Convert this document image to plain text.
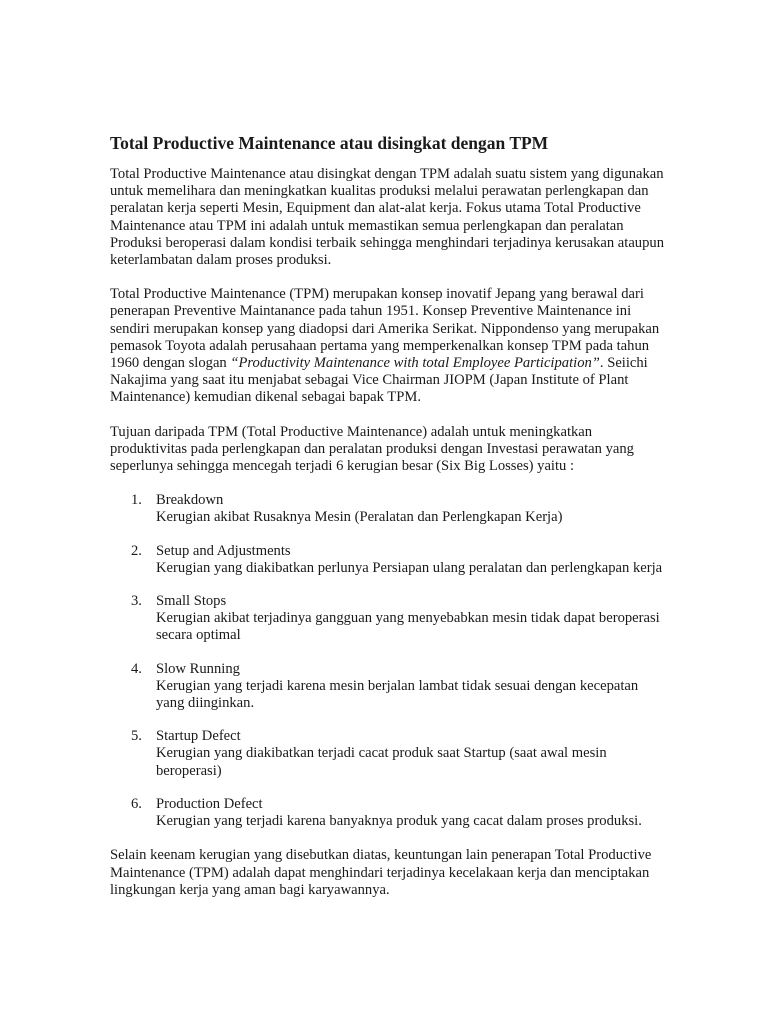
Total Productive Maintenance atau disingkat dengan TPM

Total Productive Maintenance atau disingkat dengan TPM adalah suatu sistem yang digunakan untuk memelihara dan meningkatkan kualitas produksi melalui perawatan perlengkapan dan peralatan kerja seperti Mesin, Equipment dan alat-alat kerja. Fokus utama Total Productive Maintenance atau TPM ini adalah untuk memastikan semua perlengkapan dan peralatan Produksi beroperasi dalam kondisi terbaik sehingga menghindari terjadinya kerusakan ataupun keterlambatan dalam proses produksi.

Total Productive Maintenance (TPM) merupakan konsep inovatif Jepang yang berawal dari penerapan Preventive Maintanance pada tahun 1951. Konsep Preventive Maintenance ini sendiri merupakan konsep yang diadopsi dari Amerika Serikat. Nippondenso yang merupakan pemasok Toyota adalah perusahaan pertama yang memperkenalkan konsep TPM pada tahun 1960 dengan slogan “Productivity Maintenance with total Employee Participation”. Seiichi Nakajima yang saat itu menjabat sebagai Vice Chairman JIOPM (Japan Institute of Plant Maintenance) kemudian dikenal sebagai bapak TPM.

Tujuan daripada TPM (Total Productive Maintenance) adalah untuk meningkatkan produktivitas pada perlengkapan dan peralatan produksi dengan Investasi perawatan yang seperlunya sehingga mencegah terjadi 6 kerugian besar (Six Big Losses) yaitu :

1. Breakdown
Kerugian akibat Rusaknya Mesin (Peralatan dan Perlengkapan Kerja)
2. Setup and Adjustments
Kerugian yang diakibatkan perlunya Persiapan ulang peralatan dan perlengkapan kerja
3. Small Stops
Kerugian akibat terjadinya gangguan yang menyebabkan mesin tidak dapat beroperasi secara optimal
4. Slow Running
Kerugian yang terjadi karena mesin berjalan lambat tidak sesuai dengan kecepatan yang diinginkan.
5. Startup Defect
Kerugian yang diakibatkan terjadi cacat produk saat Startup (saat awal mesin beroperasi)
6. Production Defect
Kerugian yang terjadi karena banyaknya produk yang cacat dalam proses produksi.

Selain keenam kerugian yang disebutkan diatas, keuntungan lain penerapan Total Productive Maintenance (TPM) adalah dapat menghindari terjadinya kecelakaan kerja dan menciptakan lingkungan kerja yang aman bagi karyawannya.
